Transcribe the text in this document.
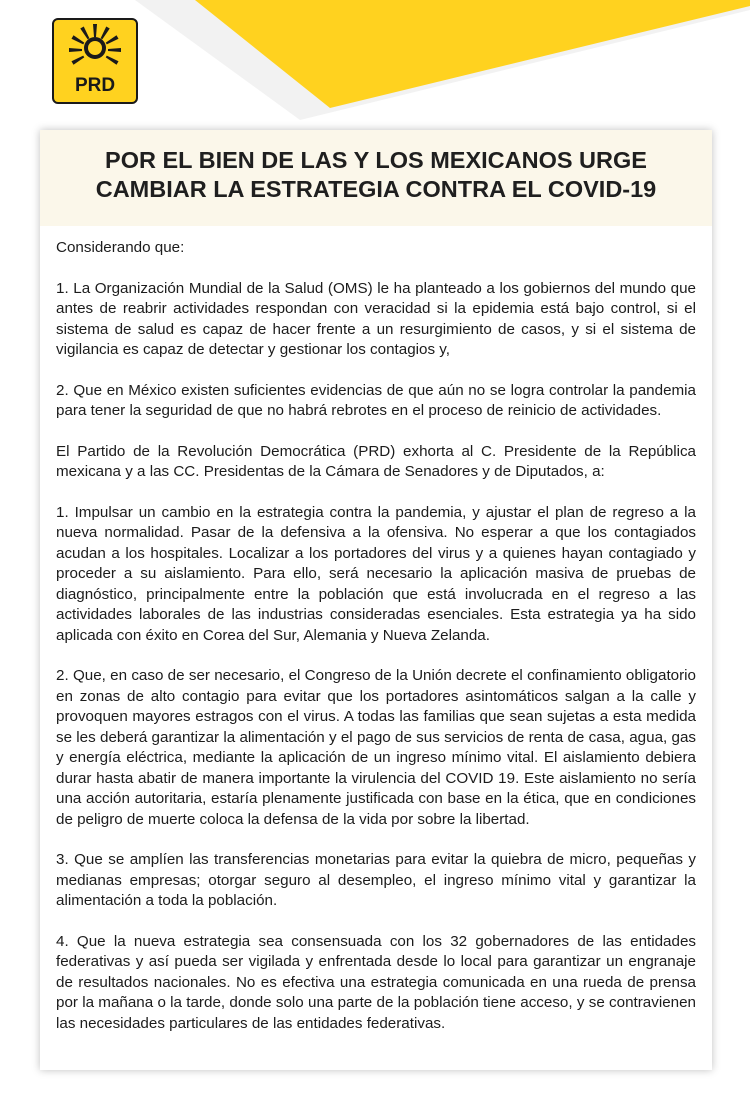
PRD
POR EL BIEN DE LAS Y LOS MEXICANOS URGE
CAMBIAR LA ESTRATEGIA CONTRA EL COVID-19

Considerando que:

1. La Organización Mundial de la Salud (OMS) le ha planteado a los gobiernos del mundo que antes de reabrir actividades respondan con veracidad si la epidemia está bajo control, si el sistema de salud es capaz de hacer frente a un resurgimiento de casos, y si el sistema de vigilancia es capaz de detectar y gestionar los contagios y,

2. Que en México existen suficientes evidencias de que aún no se logra controlar la pandemia para tener la seguridad de que no habrá rebrotes en el proceso de reinicio de actividades.

El Partido de la Revolución Democrática (PRD) exhorta al C. Presidente de la República mexicana y a las CC. Presidentas de la Cámara de Senadores y de Diputados, a:

1. Impulsar un cambio en la estrategia contra la pandemia, y ajustar el plan de regreso a la nueva normalidad. Pasar de la defensiva a la ofensiva. No esperar a que los contagiados acudan a los hospitales. Localizar a los portadores del virus y a quienes hayan contagiado y proceder a su aislamiento. Para ello, será necesario la aplicación masiva de pruebas de diagnóstico, principalmente entre la población que está involucrada en el regreso a las actividades laborales de las industrias consideradas esenciales. Esta estrategia ya ha sido aplicada con éxito en Corea del Sur, Alemania y Nueva Zelanda.

2. Que, en caso de ser necesario, el Congreso de la Unión decrete el confinamiento obligatorio en zonas de alto contagio para evitar que los portadores asintomáticos salgan a la calle y provoquen mayores estragos con el virus. A todas las familias que sean sujetas a esta medida se les deberá garantizar la alimentación y el pago de sus servicios de renta de casa, agua, gas y energía eléctrica, mediante la aplicación de un ingreso mínimo vital. El aislamiento debiera durar hasta abatir de manera importante la virulencia del COVID 19. Este aislamiento no sería una acción autoritaria, estaría plenamente justificada con base en la ética, que en condiciones de peligro de muerte coloca la defensa de la vida por sobre la libertad.

3. Que se amplíen las transferencias monetarias para evitar la quiebra de micro, pequeñas y medianas empresas; otorgar seguro al desempleo, el ingreso mínimo vital y garantizar la alimentación a toda la población.

4. Que la nueva estrategia sea consensuada con los 32 gobernadores de las entidades federativas y así pueda ser vigilada y enfrentada desde lo local para garantizar un engranaje de resultados nacionales. No es efectiva una estrategia comunicada en una rueda de prensa por la mañana o la tarde, donde solo una parte de la población tiene acceso, y se contravienen las necesidades particulares de las entidades federativas.
